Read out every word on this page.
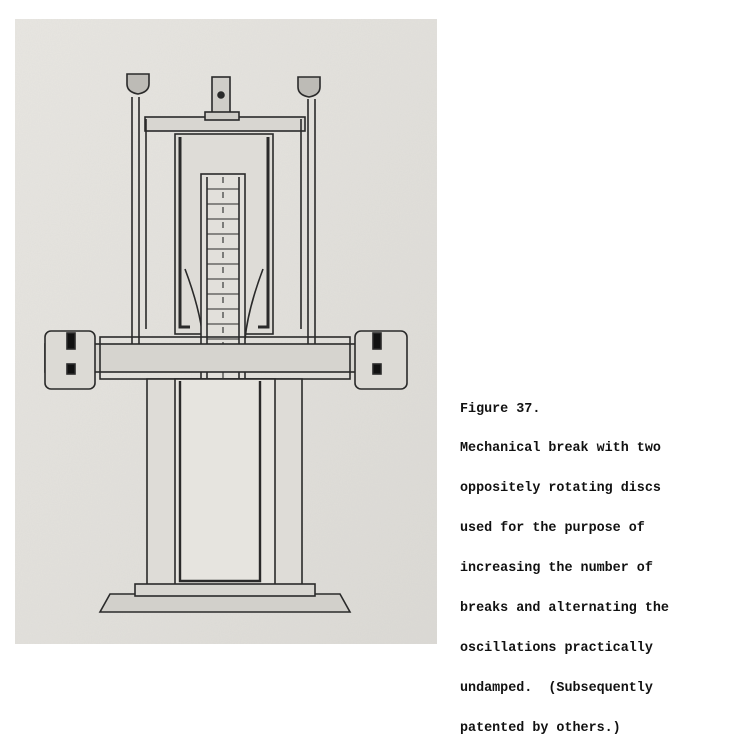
Figure 37.

Mechanical break with two

oppositely rotating discs

used for the purpose of

increasing the number of

breaks and alternating the

oscillations practically

undamped.  (Subsequently

patented by others.)
